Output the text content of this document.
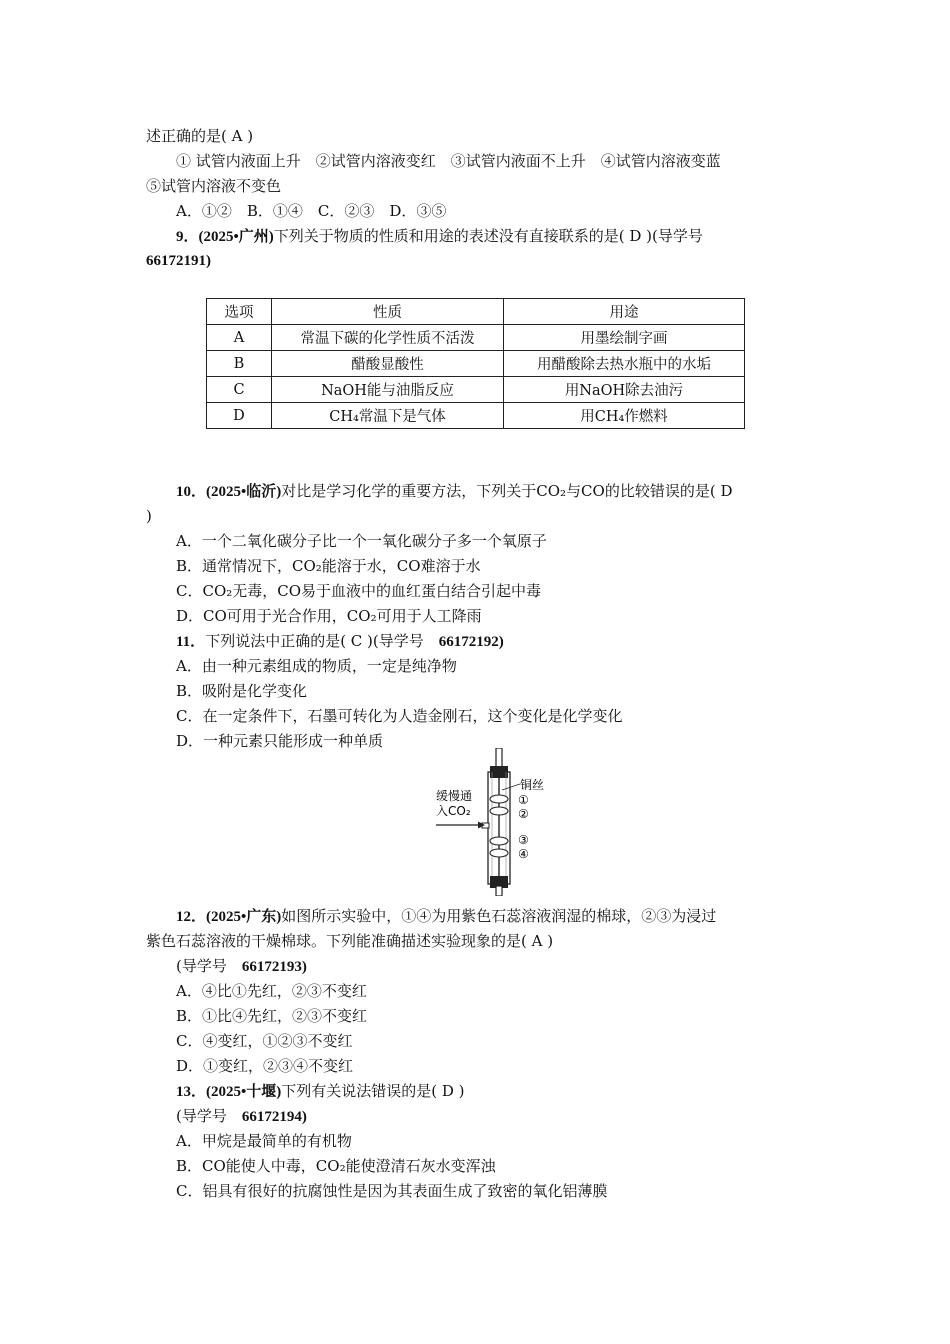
述正确的是( A )
① 试管内液面上升　②试管内溶液变红　③试管内液面不上升　④试管内溶液变蓝
⑤试管内溶液不变色
A．①②　B．①④　C．②③　D．③⑤
9．(2025•广州)下列关于物质的性质和用途的表述没有直接联系的是( D )(导学号
66172191)
选项	性质	用途
A	常温下碳的化学性质不活泼	用墨绘制字画
B	醋酸显酸性	用醋酸除去热水瓶中的水垢
C	NaOH能与油脂反应	用NaOH除去油污
D	CH₄常温下是气体	用CH₄作燃料
10．(2025•临沂)对比是学习化学的重要方法，下列关于CO₂与CO的比较错误的是( D
)
A．一个二氧化碳分子比一个一氧化碳分子多一个氧原子
B．通常情况下，CO₂能溶于水，CO难溶于水
C．CO₂无毒，CO易于血液中的血红蛋白结合引起中毒
D．CO可用于光合作用，CO₂可用于人工降雨
11．下列说法中正确的是( C )(导学号　66172192)
A．由一种元素组成的物质，一定是纯净物
B．吸附是化学变化
C．在一定条件下，石墨可转化为人造金刚石，这个变化是化学变化
D．一种元素只能形成一种单质
缓慢通
入CO₂
铜丝
①
②
③
④
12．(2025•广东)如图所示实验中，①④为用紫色石蕊溶液润湿的棉球，②③为浸过
紫色石蕊溶液的干燥棉球。下列能准确描述实验现象的是( A )
(导学号　66172193)
A．④比①先红，②③不变红
B．①比④先红，②③不变红
C．④变红，①②③不变红
D．①变红，②③④不变红
13．(2025•十堰)下列有关说法错误的是( D )
(导学号　66172194)
A．甲烷是最简单的有机物
B．CO能使人中毒，CO₂能使澄清石灰水变浑浊
C．铝具有很好的抗腐蚀性是因为其表面生成了致密的氧化铝薄膜
